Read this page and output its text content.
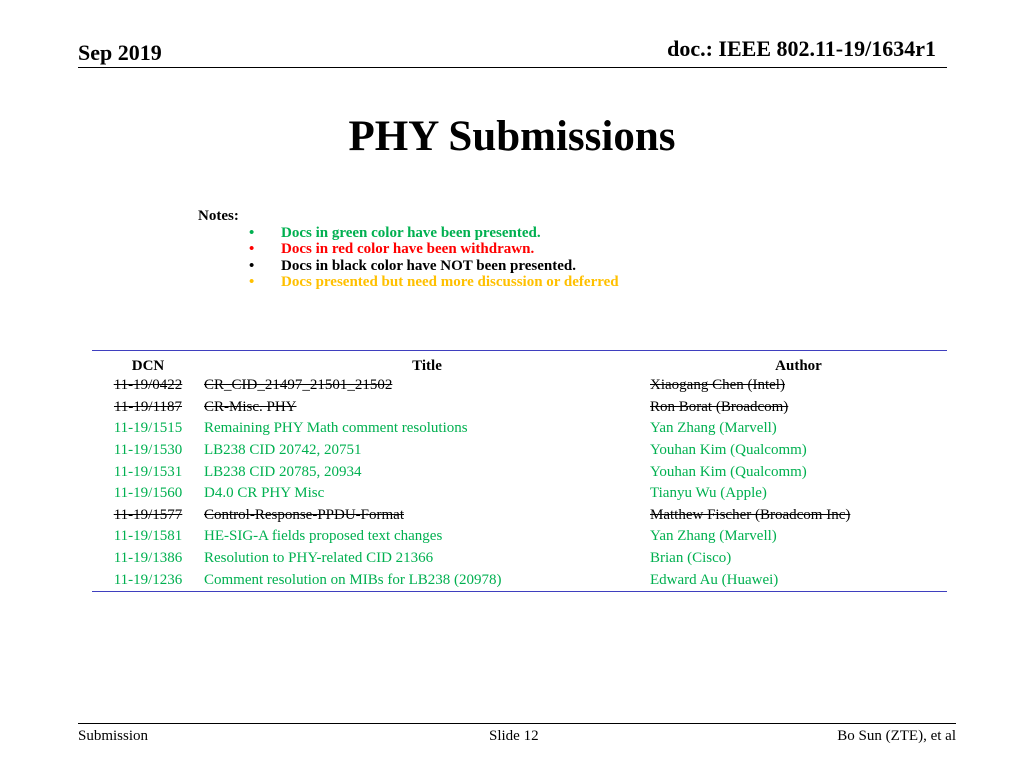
Sep 2019	doc.: IEEE 802.11-19/1634r1
PHY Submissions
Notes:
• Docs in green color have been presented.
• Docs in red color have been withdrawn.
• Docs in black color have NOT been presented.
• Docs presented but need more discussion or deferred
DCN	Title	Author
11-19/0422	CR_CID_21497_21501_21502	Xiaogang Chen (Intel)
11-19/1187	CR-Misc. PHY	Ron Borat (Broadcom)
11-19/1515	Remaining PHY Math comment resolutions	Yan Zhang (Marvell)
11-19/1530	LB238 CID 20742, 20751	Youhan Kim (Qualcomm)
11-19/1531	LB238 CID 20785, 20934	Youhan Kim (Qualcomm)
11-19/1560	D4.0 CR PHY Misc	Tianyu Wu (Apple)
11-19/1577	Control-Response-PPDU-Format	Matthew Fischer (Broadcom Inc)
11-19/1581	HE-SIG-A fields proposed text changes	Yan Zhang (Marvell)
11-19/1386	Resolution to PHY-related CID 21366	Brian (Cisco)
11-19/1236	Comment resolution on MIBs for LB238 (20978)	Edward Au (Huawei)
Submission	Slide 12	Bo Sun (ZTE), et al
